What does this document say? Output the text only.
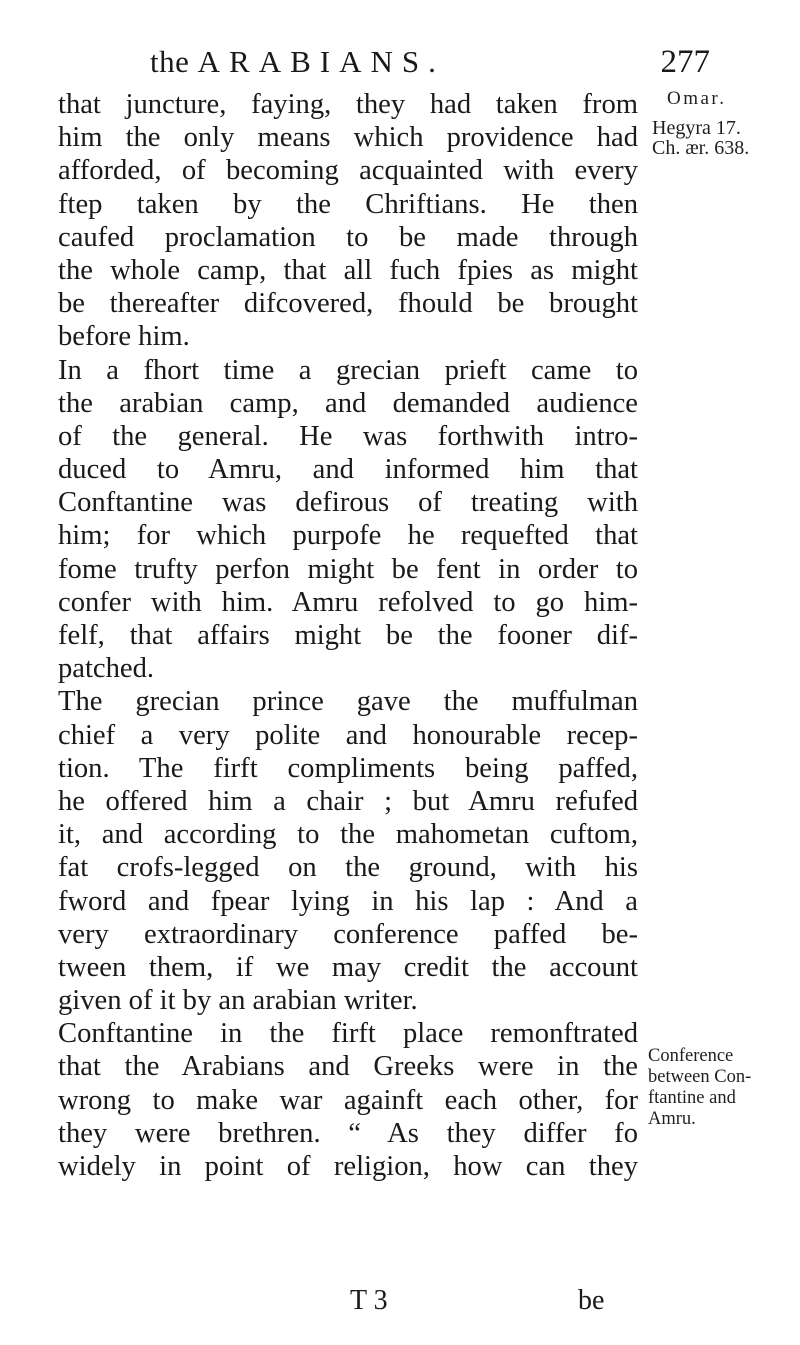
the ARABIANS.	277
Omar.
Hegyra 17.
Ch. ær. 638.
Conference
between Con-
ftantine and
Amru.
that juncture, faying, they had taken from
him the only means which providence had
afforded, of becoming acquainted with every
ftep taken by the Chriftians. He then
caufed proclamation to be made through
the whole camp, that all fuch fpies as might
be thereafter difcovered, fhould be brought
before him.
In a fhort time a grecian prieft came to
the arabian camp, and demanded audience
of the general. He was forthwith intro-
duced to Amru, and informed him that
Conftantine was defirous of treating with
him; for which purpofe he requefted that
fome trufty perfon might be fent in order to
confer with him. Amru refolved to go him-
felf, that affairs might be the fooner dif-
patched.
The grecian prince gave the muffulman
chief a very polite and honourable recep-
tion. The firft compliments being paffed,
he offered him a chair ; but Amru refufed
it, and according to the mahometan cuftom,
fat crofs-legged on the ground, with his
fword and fpear lying in his lap : And a
very extraordinary conference paffed be-
tween them, if we may credit the account
given of it by an arabian writer.
Conftantine in the firft place remonftrated
that the Arabians and Greeks were in the
wrong to make war againft each other, for
they were brethren. “ As they differ fo
widely in point of religion, how can they
T 3	be
